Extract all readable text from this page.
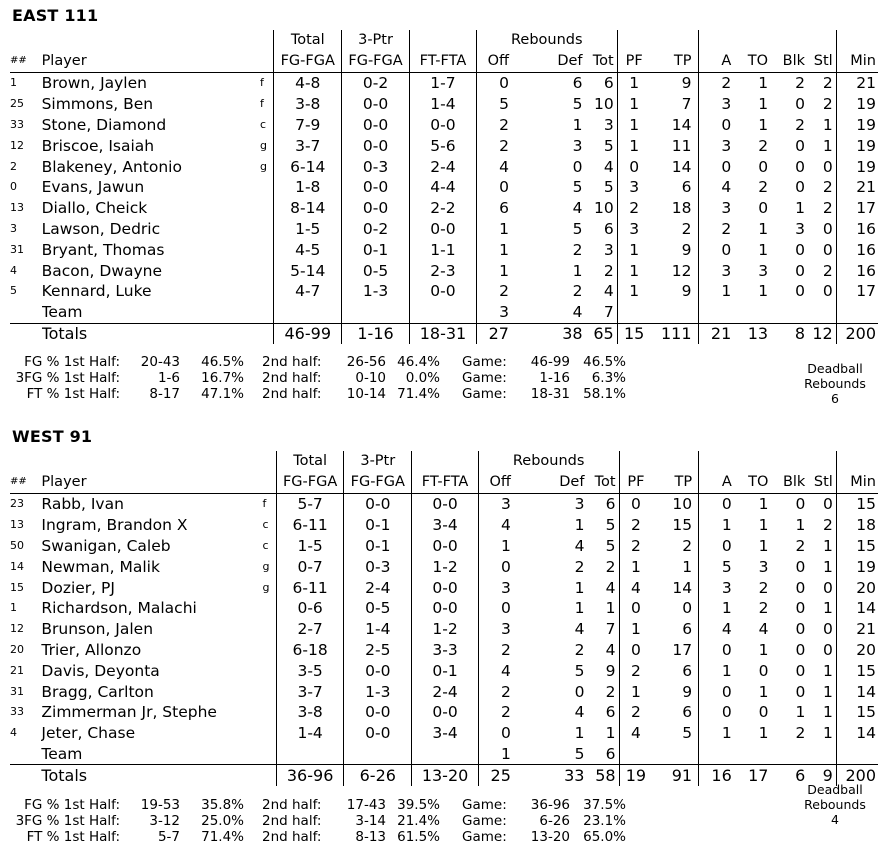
EAST 111
			Total	3-Ptr			Rebounds								
##	Player		FG-FGA	FG-FGA	FT-FTA	Off	Def	Tot	PF	TP	A	TO	Blk	Stl	Min
1	Brown, Jaylen	f	4-8	0-2	1-7	0	6	6	1	9	2	1	2	2	21
25	Simmons, Ben	f	3-8	0-0	1-4	5	5	10	1	7	3	1	0	2	19
33	Stone, Diamond	c	7-9	0-0	0-0	2	1	3	1	14	0	1	2	1	19
12	Briscoe, Isaiah	g	3-7	0-0	5-6	2	3	5	1	11	3	2	0	1	19
2	Blakeney, Antonio	g	6-14	0-3	2-4	4	0	4	0	14	0	0	0	0	19
0	Evans, Jawun		1-8	0-0	4-4	0	5	5	3	6	4	2	0	2	21
13	Diallo, Cheick		8-14	0-0	2-2	6	4	10	2	18	3	0	1	2	17
3	Lawson, Dedric		1-5	0-2	0-0	1	5	6	3	2	2	1	3	0	16
31	Bryant, Thomas		4-5	0-1	1-1	1	2	3	1	9	0	1	0	0	16
4	Bacon, Dwayne		5-14	0-5	2-3	1	1	2	1	12	3	3	0	2	16
5	Kennard, Luke		4-7	1-3	0-0	2	2	4	1	9	1	1	0	0	17
	Team					3	4	7							
	Totals		46-99	1-16	18-31	27	38	65	15	111	21	13	8	12	200
FG % 1st Half:	20-43	46.5% 2nd half:	26-56 46.4% Game:	46-99 46.5%
3FG % 1st Half:	1-6	16.7% 2nd half:	0-10	0.0% Game:	1-16	6.3%
FT % 1st Half:	8-17	47.1% 2nd half:	10-14 71.4% Game:	18-31 58.1%
Deadball
Rebounds
6
WEST 91
			Total	3-Ptr			Rebounds								
##	Player		FG-FGA	FG-FGA	FT-FTA	Off	Def	Tot	PF	TP	A	TO	Blk	Stl	Min
23	Rabb, Ivan	f	5-7	0-0	0-0	3	3	6	0	10	0	1	0	0	15
13	Ingram, Brandon X	c	6-11	0-1	3-4	4	1	5	2	15	1	1	1	2	18
50	Swanigan, Caleb	c	1-5	0-1	0-0	1	4	5	2	2	0	1	2	1	15
14	Newman, Malik	g	0-7	0-3	1-2	0	2	2	1	1	5	3	0	1	19
15	Dozier, PJ	g	6-11	2-4	0-0	3	1	4	4	14	3	2	0	0	20
1	Richardson, Malachi		0-6	0-5	0-0	0	1	1	0	0	1	2	0	1	14
12	Brunson, Jalen		2-7	1-4	1-2	3	4	7	1	6	4	4	0	0	21
20	Trier, Allonzo		6-18	2-5	3-3	2	2	4	0	17	0	1	0	0	20
21	Davis, Deyonta		3-5	0-0	0-1	4	5	9	2	6	1	0	0	1	15
31	Bragg, Carlton		3-7	1-3	2-4	2	0	2	1	9	0	1	0	1	14
33	Zimmerman Jr, Stephe		3-8	0-0	0-0	2	4	6	2	6	0	0	1	1	15
4	Jeter, Chase		1-4	0-0	3-4	0	1	1	4	5	1	1	2	1	14
	Team					1	5	6							
	Totals		36-96	6-26	13-20	25	33	58	19	91	16	17	6	9	200
FG % 1st Half:	19-53	35.8% 2nd half:	17-43 39.5% Game:	36-96 37.5%
3FG % 1st Half:	3-12	25.0% 2nd half:	3-14 21.4% Game:	6-26 23.1%
FT % 1st Half:	5-7	71.4% 2nd half:	8-13 61.5% Game:	13-20 65.0%
Deadball
Rebounds
4
